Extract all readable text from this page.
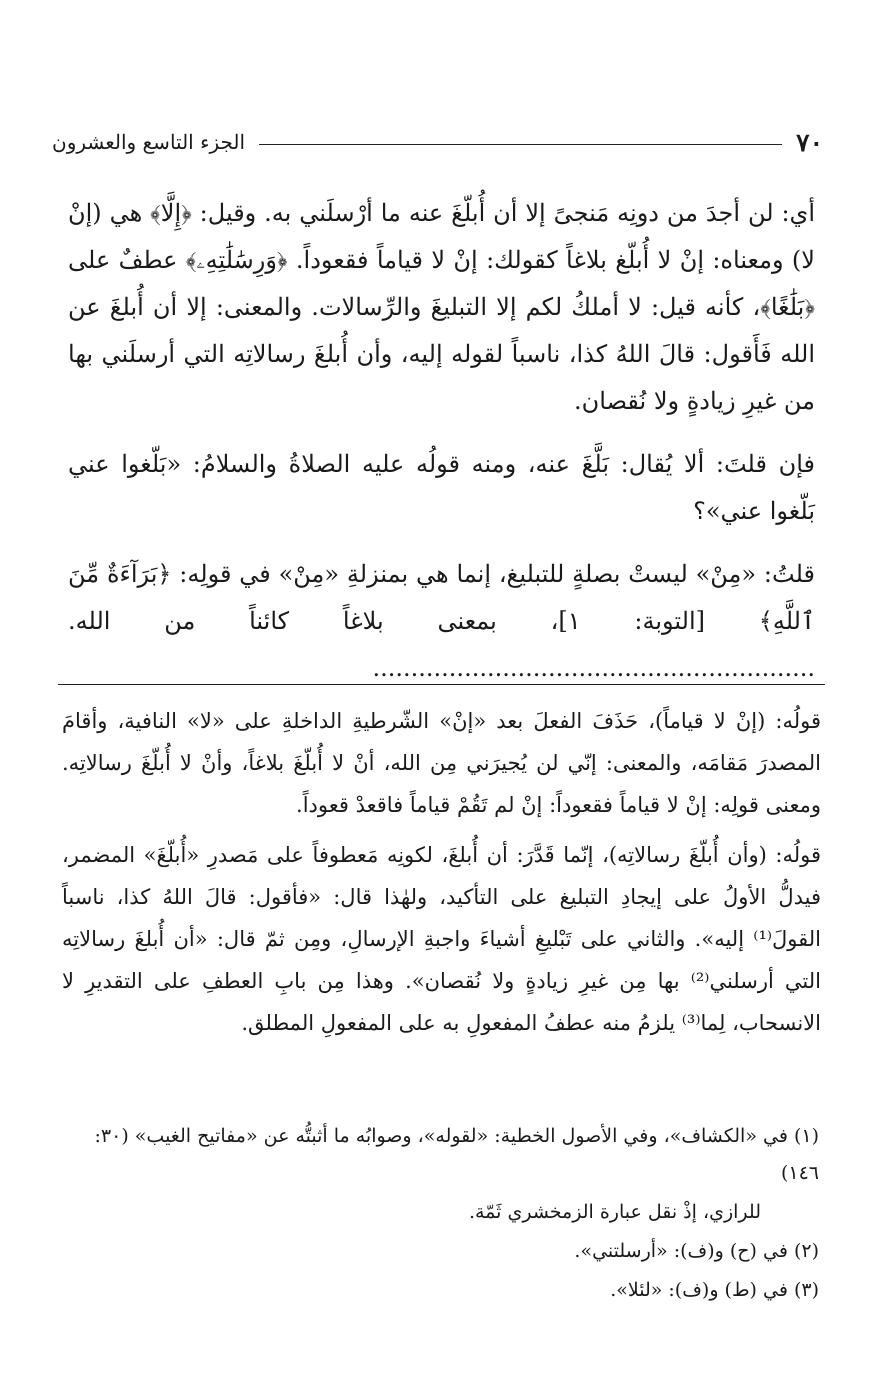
٧٠
الجزء التاسع والعشرون

أي: لن أجدَ من دونِه مَنجىً إلا أن أُبلّغَ عنه ما أرْسلَني به. وقيل: ﴿إِلَّا﴾ هي (إنْ لا) ومعناه: إنْ لا أُبلّغ بلاغاً كقولك: إنْ لا قياماً فقعوداً. ﴿وَرِسَٰلَٰتِهِۦ﴾ عطفٌ على ﴿بَلَٰغًا﴾، كأنه قيل: لا أملكُ لكم إلا التبليغَ والرِّسالات. والمعنى: إلا أن أُبلغَ عن الله فَأَقول: قالَ اللهُ كذا، ناسباً لقوله إليه، وأن أُبلغَ رسالاتِه التي أرسلَني بها من غيرِ زيادةٍ ولا نُقصان.

فإن قلتَ: ألا يُقال: بَلَّغَ عنه، ومنه قولُه عليه الصلاةُ والسلامُ: «بَلّغوا عني بَلّغوا عني»؟

قلتُ: «مِنْ» ليستْ بصلةٍ للتبليغ، إنما هي بمنزلةِ «مِنْ» في قولِه: ﴿بَرَآءَةٌ مِّنَ ٱللَّهِ﴾ [التوبة: ١]، بمعنى بلاغاً كائناً من الله. .....

قولُه: (إنْ لا قياماً)، حَذَفَ الفعلَ بعد «إنْ» الشّرطيةِ الداخلةِ على «لا» النافية، وأقامَ المصدرَ مَقامَه، والمعنى: إنّي لن يُجيرَني مِن الله، أنْ لا أُبلّغَ بلاغاً، وأنْ لا أُبلّغَ رسالاتِه. ومعنى قولِه: إنْ لا قياماً فقعوداً: إنْ لم تَقُمْ قياماً فاقعدْ قعوداً.

قولُه: (وأن أُبلّغَ رسالاتِه)، إنّما قَدَّرَ: أن أُبلغَ، لكونِه مَعطوفاً على مَصدرِ «أُبلّغَ» المضمر، فيدلُّ الأولُ على إيجادِ التبليغ على التأكيد، ولهٰذا قال: «فأقول: قالَ اللهُ كذا، ناسباً القولَ⁽¹⁾ إليه». والثاني على تَبْليغِ أشياءَ واجبةِ الإرسالِ، ومِن ثمّ قال: «أن أُبلغَ رسالاتِه التي أرسلني⁽²⁾ بها مِن غيرِ زيادةٍ ولا نُقصان». وهذا مِن بابِ العطفِ على التقديرِ لا الانسحاب، لِما⁽³⁾ يلزمُ منه عطفُ المفعولِ به على المفعولِ المطلق.

(١) في «الكشاف»، وفي الأصول الخطية: «لقوله»، وصوابُه ما أثبتُّه عن «مفاتيح الغيب» (٣٠: ١٤٦)

للرازي، إذْ نقل عبارة الزمخشري ثَمّة.

(٢) في (ح) و(ف): «أرسلتني».

(٣) في (ط) و(ف): «لئلا».
